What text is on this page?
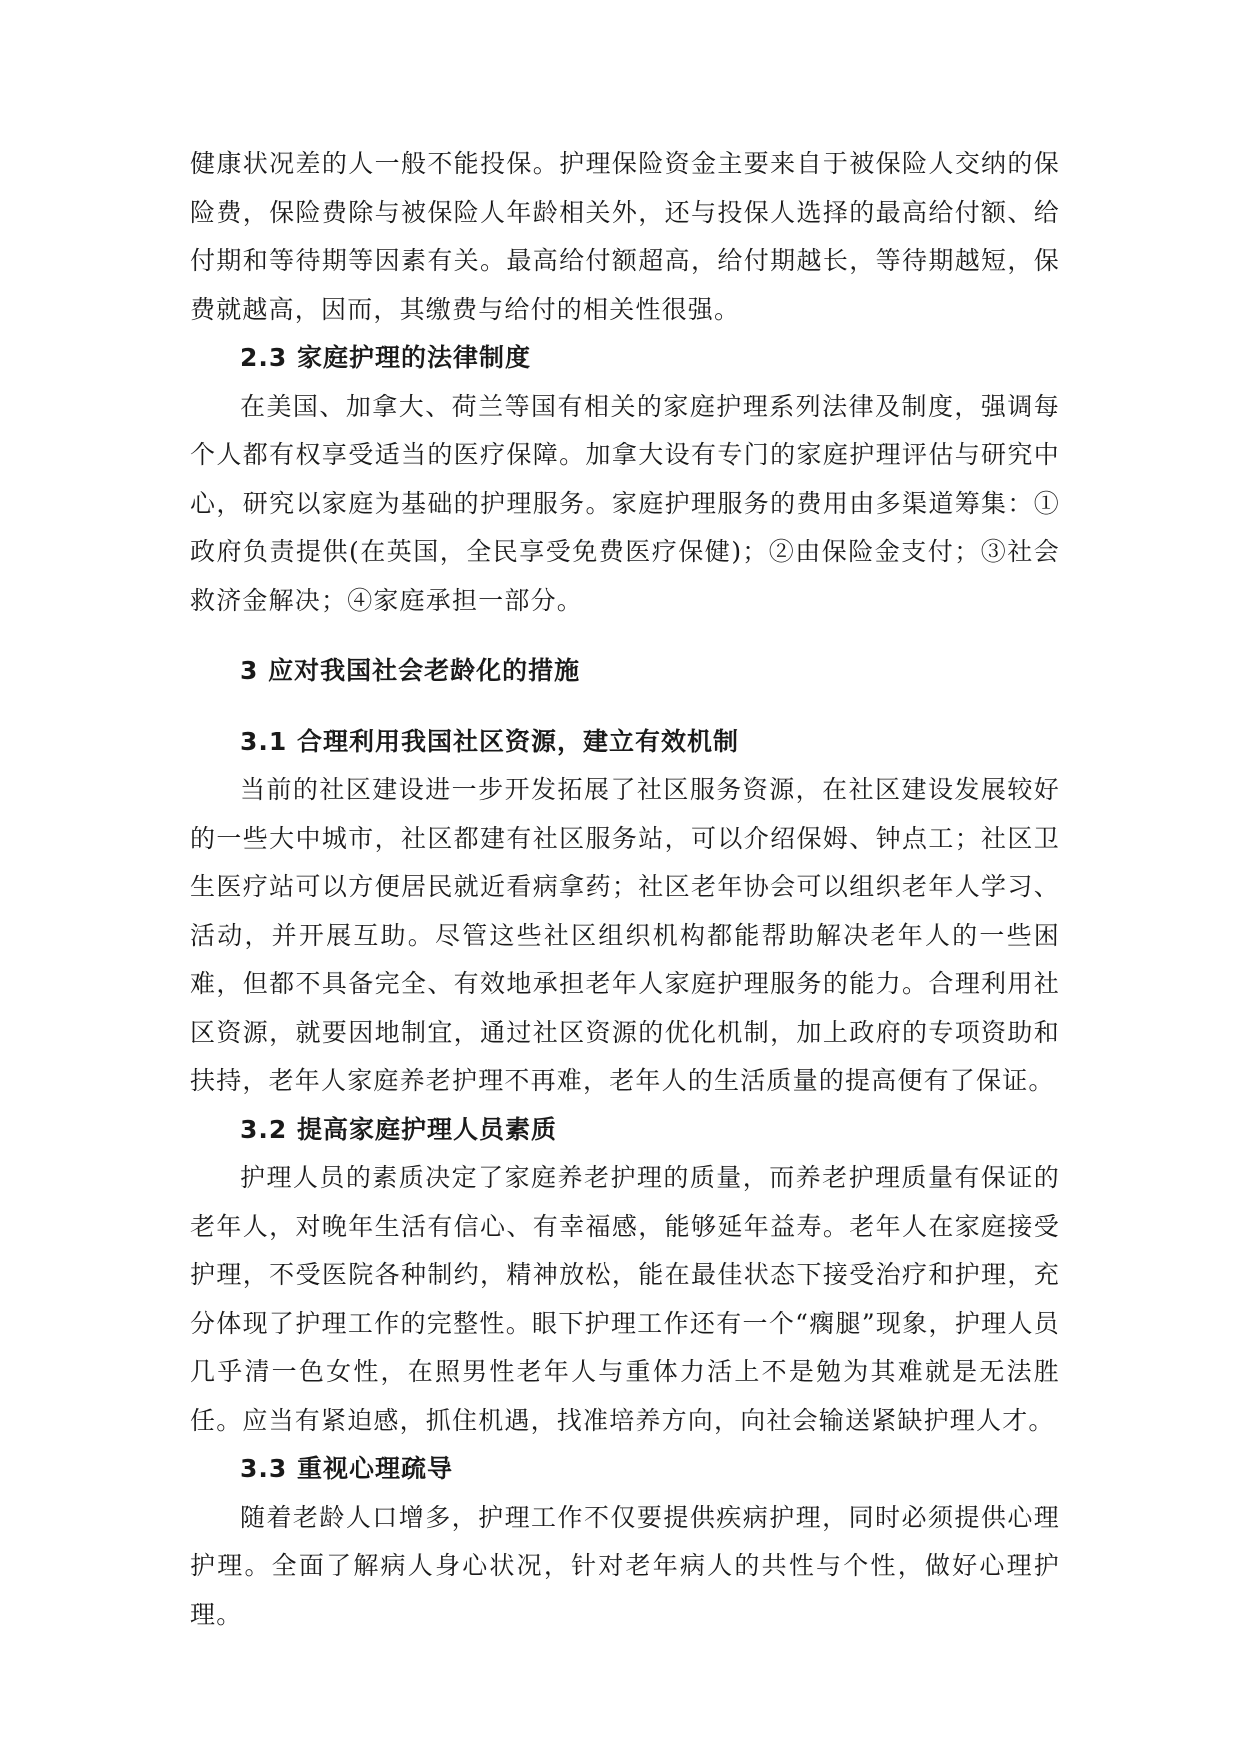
健康状况差的人一般不能投保。护理保险资金主要来自于被保险人交纳的保险费，保险费除与被保险人年龄相关外，还与投保人选择的最高给付额、给付期和等待期等因素有关。最高给付额超高，给付期越长，等待期越短，保费就越高，因而，其缴费与给付的相关性很强。

2.3 家庭护理的法律制度

在美国、加拿大、荷兰等国有相关的家庭护理系列法律及制度，强调每个人都有权享受适当的医疗保障。加拿大设有专门的家庭护理评估与研究中心，研究以家庭为基础的护理服务。家庭护理服务的费用由多渠道筹集：①政府负责提供(在英国，全民享受免费医疗保健)；②由保险金支付；③社会救济金解决；④家庭承担一部分。

3 应对我国社会老龄化的措施

3.1 合理利用我国社区资源，建立有效机制

当前的社区建设进一步开发拓展了社区服务资源，在社区建设发展较好的一些大中城市，社区都建有社区服务站，可以介绍保姆、钟点工；社区卫生医疗站可以方便居民就近看病拿药；社区老年协会可以组织老年人学习、活动，并开展互助。尽管这些社区组织机构都能帮助解决老年人的一些困难，但都不具备完全、有效地承担老年人家庭护理服务的能力。合理利用社区资源，就要因地制宜，通过社区资源的优化机制，加上政府的专项资助和扶持，老年人家庭养老护理不再难，老年人的生活质量的提高便有了保证。

3.2 提高家庭护理人员素质

护理人员的素质决定了家庭养老护理的质量，而养老护理质量有保证的老年人，对晚年生活有信心、有幸福感，能够延年益寿。老年人在家庭接受护理，不受医院各种制约，精神放松，能在最佳状态下接受治疗和护理，充分体现了护理工作的完整性。眼下护理工作还有一个“瘸腿”现象，护理人员几乎清一色女性，在照男性老年人与重体力活上不是勉为其难就是无法胜任。应当有紧迫感，抓住机遇，找准培养方向，向社会输送紧缺护理人才。

3.3 重视心理疏导

随着老龄人口增多，护理工作不仅要提供疾病护理，同时必须提供心理护理。全面了解病人身心状况，针对老年病人的共性与个性，做好心理护理。
